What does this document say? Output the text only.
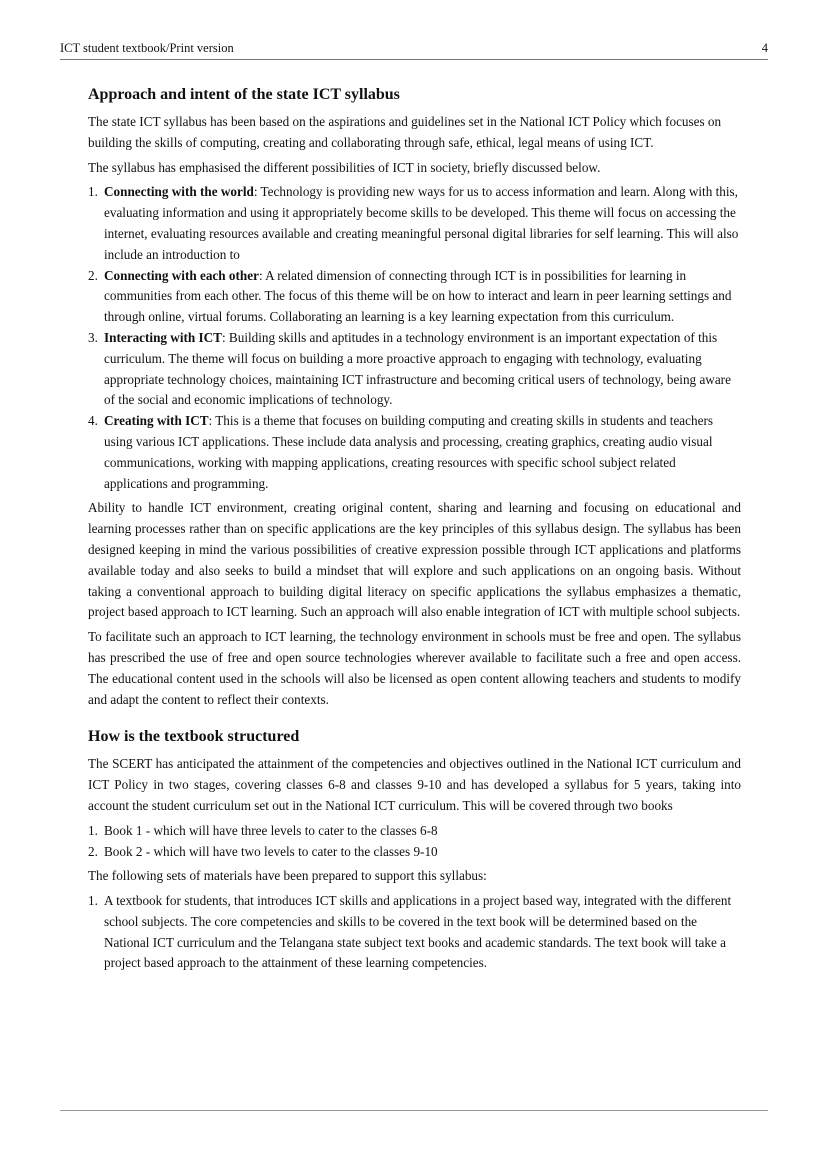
ICT student textbook/Print version	4
Approach and intent of the state ICT syllabus

The state ICT syllabus has been based on the aspirations and guidelines set in the National ICT Policy which focuses on building the skills of computing, creating and collaborating through safe, ethical, legal means of using ICT.

The syllabus has emphasised the different possibilities of ICT in society, briefly discussed below.

1. Connecting with the world: Technology is providing new ways for us to access information and learn. Along with this, evaluating information and using it appropriately become skills to be developed. This theme will focus on accessing the internet, evaluating resources available and creating meaningful personal digital libraries for self learning. This will also include an introduction to
2. Connecting with each other: A related dimension of connecting through ICT is in possibilities for learning in communities from each other. The focus of this theme will be on how to interact and learn in peer learning settings and through online, virtual forums. Collaborating an learning is a key learning expectation from this curriculum.
3. Interacting with ICT: Building skills and aptitudes in a technology environment is an important expectation of this curriculum. The theme will focus on building a more proactive approach to engaging with technology, evaluating appropriate technology choices, maintaining ICT infrastructure and becoming critical users of technology, being aware of the social and economic implications of technology.
4. Creating with ICT: This is a theme that focuses on building computing and creating skills in students and teachers using various ICT applications. These include data analysis and processing, creating graphics, creating audio visual communications, working with mapping applications, creating resources with specific school subject related applications and programming.

Ability to handle ICT environment, creating original content, sharing and learning and focusing on educational and learning processes rather than on specific applications are the key principles of this syllabus design. The syllabus has been designed keeping in mind the various possibilities of creative expression possible through ICT applications and platforms available today and also seeks to build a mindset that will explore and such applications on an ongoing basis. Without taking a conventional approach to building digital literacy on specific applications the syllabus emphasizes a thematic, project based approach to ICT learning. Such an approach will also enable integration of ICT with multiple school subjects.

To facilitate such an approach to ICT learning, the technology environment in schools must be free and open. The syllabus has prescribed the use of free and open source technologies wherever available to facilitate such a free and open access. The educational content used in the schools will also be licensed as open content allowing teachers and students to modify and adapt the content to reflect their contexts.

How is the textbook structured

The SCERT has anticipated the attainment of the competencies and objectives outlined in the National ICT curriculum and ICT Policy in two stages, covering classes 6-8 and classes 9-10 and has developed a syllabus for 5 years, taking into account the student curriculum set out in the National ICT curriculum. This will be covered through two books

1. Book 1 - which will have three levels to cater to the classes 6-8
2. Book 2 - which will have two levels to cater to the classes 9-10

The following sets of materials have been prepared to support this syllabus:

1. A textbook for students, that introduces ICT skills and applications in a project based way, integrated with the different school subjects. The core competencies and skills to be covered in the text book will be determined based on the National ICT curriculum and the Telangana state subject text books and academic standards. The text book will take a project based approach to the attainment of these learning competencies.
